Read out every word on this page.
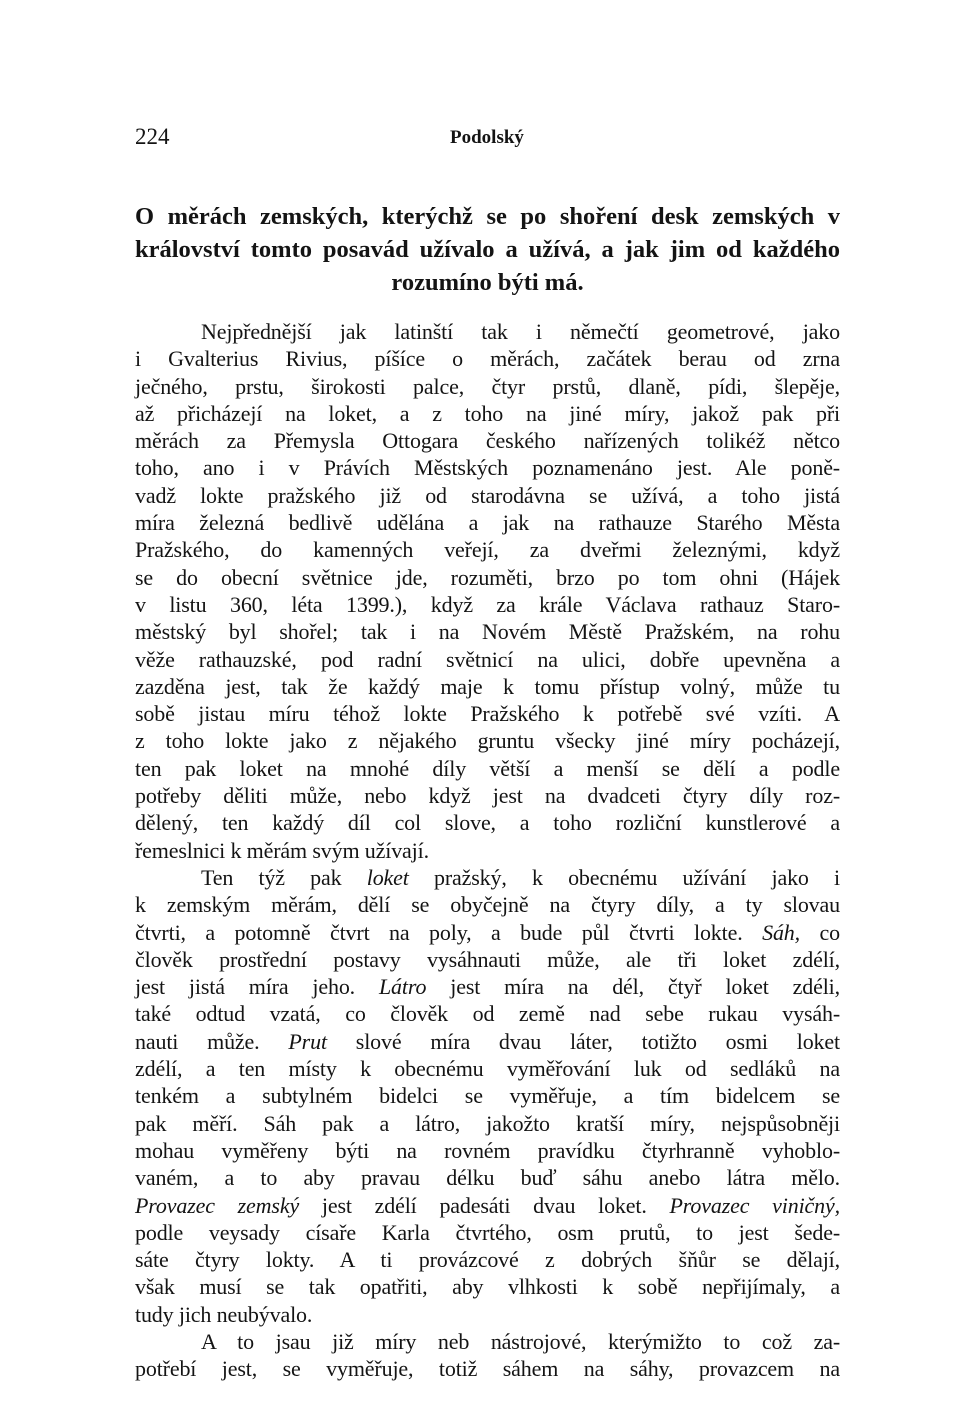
224	Podolský
O měrách zemských, kterýchž se po shoření desk zemských v království tomto posavád užívalo a užívá, a jak jim od každého rozumíno býti má.
Nejpřednější jak latinští tak i němečtí geometrové, jako
i Gvalterius Rivius, píšíce o měrách, začátek berau od zrna
ječného, prstu, širokosti palce, čtyr prstů, dlaně, pídi, šlepěje,
až přicházejí na loket, a z toho na jiné míry, jakož pak při
měrách za Přemysla Ottogara českého nařízených tolikéž nětco
toho, ano i v Právích Městských poznamenáno jest. Ale poně-
vadž lokte pražského již od starodávna se užívá, a toho jistá
míra železná bedlivě udělána a jak na rathauze Starého Města
Pražského, do kamenných veřejí, za dveřmi železnými, když
se do obecní světnice jde, rozuměti, brzo po tom ohni (Hájek
v listu 360, léta 1399.), když za krále Václava rathauz Staro-
městský byl shořel; tak i na Novém Městě Pražském, na rohu
věže rathauzské, pod radní světnicí na ulici, dobře upevněna a
zazděna jest, tak že každý maje k tomu přístup volný, může tu
sobě jistau míru téhož lokte Pražského k potřebě své vzíti. A
z toho lokte jako z nějakého gruntu všecky jiné míry pocházejí,
ten pak loket na mnohé díly větší a menší se dělí a podle
potřeby děliti může, nebo když jest na dvadceti čtyry díly roz-
dělený, ten každý díl col slove, a toho rozliční kunstlerové a
řemeslnici k měrám svým užívají.
Ten týž pak loket pražský, k obecnému užívání jako i
k zemským měrám, dělí se obyčejně na čtyry díly, a ty slovau
čtvrti, a potomně čtvrt na poly, a bude půl čtvrti lokte. Sáh, co
člověk prostřední postavy vysáhnauti může, ale tři loket zdélí,
jest jistá míra jeho. Látro jest míra na dél, čtyř loket zdéli,
také odtud vzatá, co člověk od země nad sebe rukau vysáh-
nauti může. Prut slové míra dvau láter, totižto osmi loket
zdélí, a ten místy k obecnému vyměřování luk od sedláků na
tenkém a subtylném bidelci se vyměřuje, a tím bidelcem se
pak měří. Sáh pak a látro, jakožto kratší míry, nejspůsobněji
mohau vyměřeny býti na rovném pravídku čtyrhranně vyhoblo-
vaném, a to aby pravau délku buď sáhu anebo látra mělo.
Provazec zemský jest zdélí padesáti dvau loket. Provazec viničný,
podle veysady císaře Karla čtvrtého, osm prutů, to jest šede-
sáte čtyry lokty. A ti provázcové z dobrých šňůr se dělají,
však musí se tak opatřiti, aby vlhkosti k sobě nepřijímaly, a
tudy jich neubývalo.
A to jsau již míry neb nástrojové, kterýmižto to což za-
potřebí jest, se vyměřuje, totiž sáhem na sáhy, provazcem na
